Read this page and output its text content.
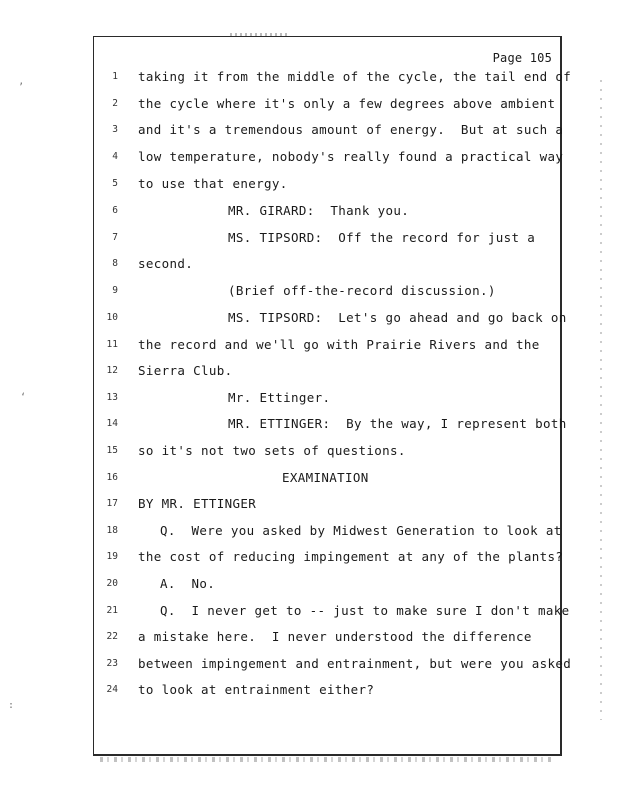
’
‘
:
Page 105
1 taking it from the middle of the cycle, the tail end of
2 the cycle where it's only a few degrees above ambient
3 and it's a tremendous amount of energy.  But at such a
4 low temperature, nobody's really found a practical way
5 to use that energy.
6	MR. GIRARD:  Thank you.
7	MS. TIPSORD:  Off the record for just a
8 second.
9	(Brief off-the-record discussion.)
10	MS. TIPSORD:  Let's go ahead and go back on
11 the record and we'll go with Prairie Rivers and the
12 Sierra Club.
13	Mr. Ettinger.
14	MR. ETTINGER:  By the way, I represent both
15 so it's not two sets of questions.
16	EXAMINATION
17 BY MR. ETTINGER
18	Q.  Were you asked by Midwest Generation to look at
19 the cost of reducing impingement at any of the plants?
20	A.  No.
21	Q.  I never get to -- just to make sure I don't make
22 a mistake here.  I never understood the difference
23 between impingement and entrainment, but were you asked
24 to look at entrainment either?
